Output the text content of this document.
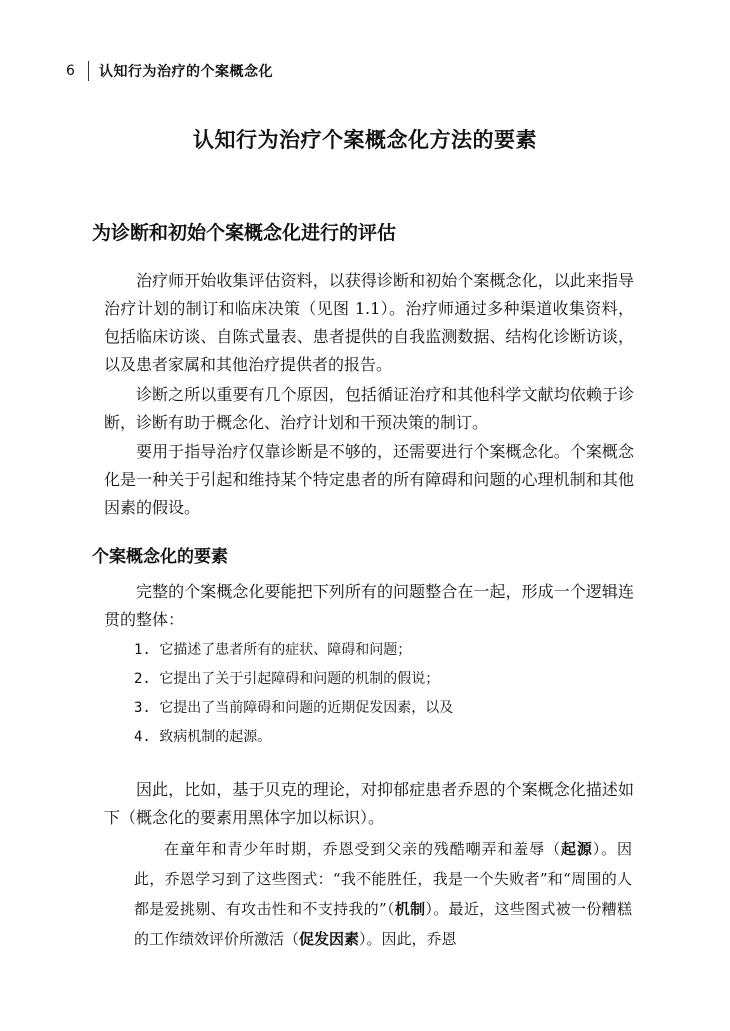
6	认知行为治疗的个案概念化
认知行为治疗个案概念化方法的要素
为诊断和初始个案概念化进行的评估

治疗师开始收集评估资料，以获得诊断和初始个案概念化，以此来指导治疗计划的制订和临床决策（见图 1.1）。治疗师通过多种渠道收集资料，包括临床访谈、自陈式量表、患者提供的自我监测数据、结构化诊断访谈，以及患者家属和其他治疗提供者的报告。

诊断之所以重要有几个原因，包括循证治疗和其他科学文献均依赖于诊断，诊断有助于概念化、治疗计划和干预决策的制订。

要用于指导治疗仅靠诊断是不够的，还需要进行个案概念化。个案概念化是一种关于引起和维持某个特定患者的所有障碍和问题的心理机制和其他因素的假设。

个案概念化的要素

完整的个案概念化要能把下列所有的问题整合在一起，形成一个逻辑连贯的整体：

1. 它描述了患者所有的症状、障碍和问题；
2. 它提出了关于引起障碍和问题的机制的假说；
3. 它提出了当前障碍和问题的近期促发因素，以及
4. 致病机制的起源。

因此，比如，基于贝克的理论，对抑郁症患者乔恩的个案概念化描述如下（概念化的要素用黑体字加以标识）。

在童年和青少年时期，乔恩受到父亲的残酷嘲弄和羞辱（起源）。因此，乔恩学习到了这些图式：“我不能胜任，我是一个失败者”和“周围的人都是爱挑剔、有攻击性和不支持我的”（机制）。最近，这些图式被一份糟糕的工作绩效评价所激活（促发因素）。因此，乔恩
